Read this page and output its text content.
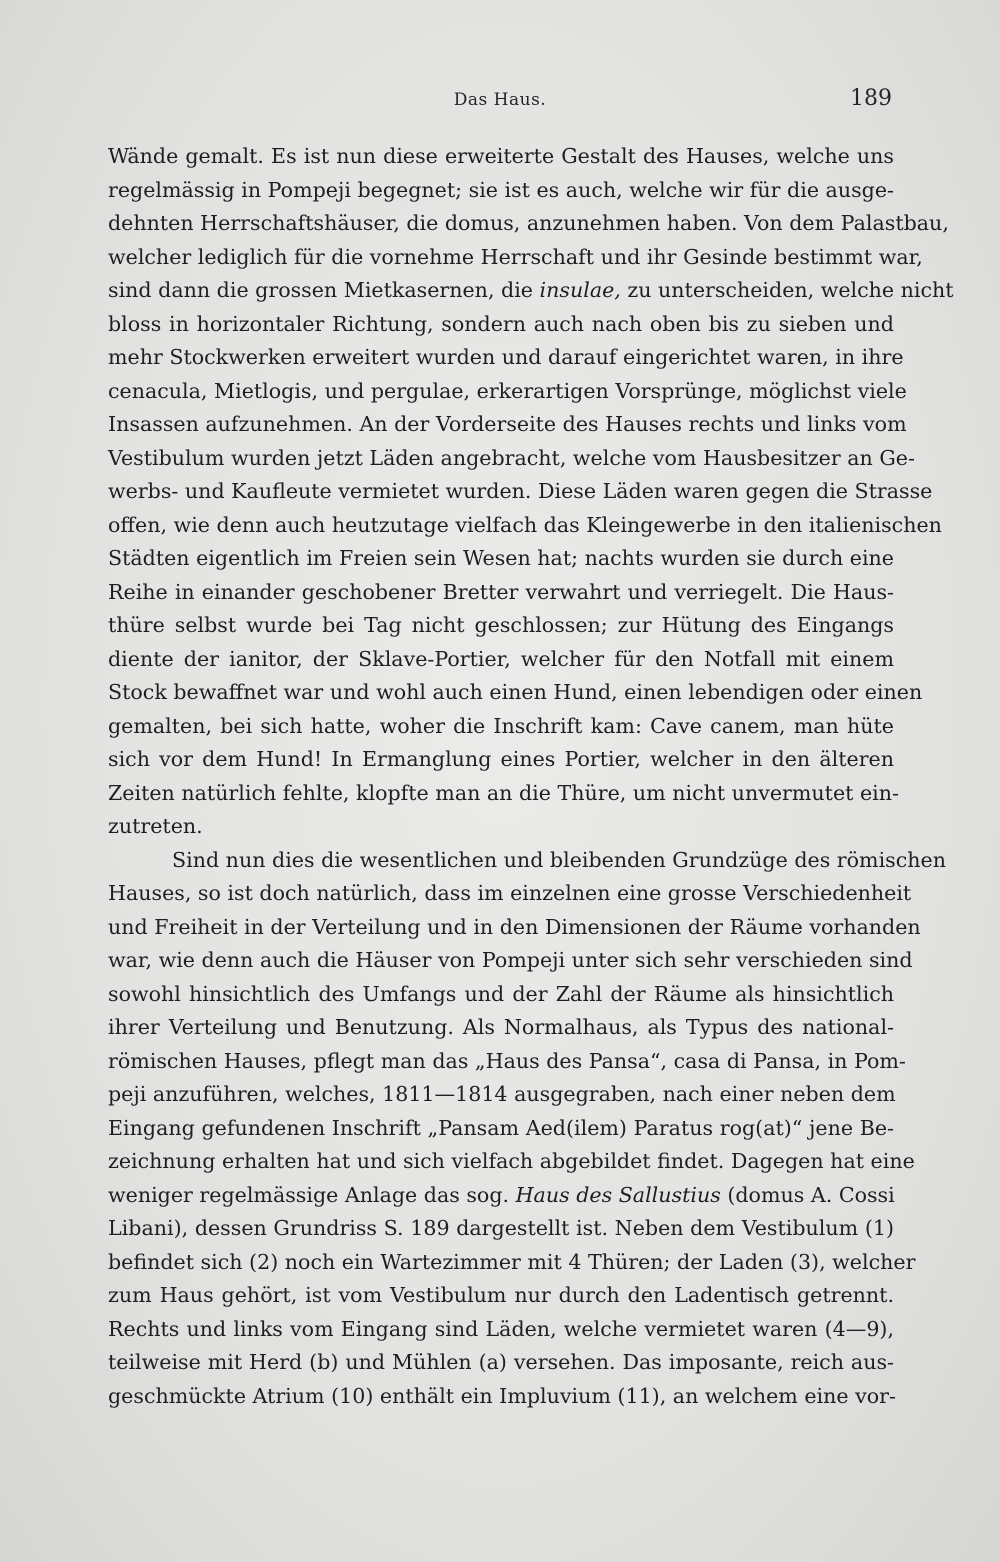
Das Haus.	189
Wände gemalt. Es ist nun diese erweiterte Gestalt des Hauses, welche uns
regelmässig in Pompeji begegnet; sie ist es auch, welche wir für die ausge-
dehnten Herrschaftshäuser, die domus, anzunehmen haben. Von dem Palastbau,
welcher lediglich für die vornehme Herrschaft und ihr Gesinde bestimmt war,
sind dann die grossen Mietkasernen, die insulae, zu unterscheiden, welche nicht
bloss in horizontaler Richtung, sondern auch nach oben bis zu sieben und
mehr Stockwerken erweitert wurden und darauf eingerichtet waren, in ihre
cenacula, Mietlogis, und pergulae, erkerartigen Vorsprünge, möglichst viele
Insassen aufzunehmen. An der Vorderseite des Hauses rechts und links vom
Vestibulum wurden jetzt Läden angebracht, welche vom Hausbesitzer an Ge-
werbs- und Kaufleute vermietet wurden. Diese Läden waren gegen die Strasse
offen, wie denn auch heutzutage vielfach das Kleingewerbe in den italienischen
Städten eigentlich im Freien sein Wesen hat; nachts wurden sie durch eine
Reihe in einander geschobener Bretter verwahrt und verriegelt. Die Haus-
thüre selbst wurde bei Tag nicht geschlossen; zur Hütung des Eingangs
diente der ianitor, der Sklave-Portier, welcher für den Notfall mit einem
Stock bewaffnet war und wohl auch einen Hund, einen lebendigen oder einen
gemalten, bei sich hatte, woher die Inschrift kam: Cave canem, man hüte
sich vor dem Hund! In Ermanglung eines Portier, welcher in den älteren
Zeiten natürlich fehlte, klopfte man an die Thüre, um nicht unvermutet ein-
zutreten.
Sind nun dies die wesentlichen und bleibenden Grundzüge des römischen
Hauses, so ist doch natürlich, dass im einzelnen eine grosse Verschiedenheit
und Freiheit in der Verteilung und in den Dimensionen der Räume vorhanden
war, wie denn auch die Häuser von Pompeji unter sich sehr verschieden sind
sowohl hinsichtlich des Umfangs und der Zahl der Räume als hinsichtlich
ihrer Verteilung und Benutzung. Als Normalhaus, als Typus des national-
römischen Hauses, pflegt man das „Haus des Pansa“, casa di Pansa, in Pom-
peji anzuführen, welches, 1811—1814 ausgegraben, nach einer neben dem
Eingang gefundenen Inschrift „Pansam Aed(ilem) Paratus rog(at)“ jene Be-
zeichnung erhalten hat und sich vielfach abgebildet findet. Dagegen hat eine
weniger regelmässige Anlage das sog. Haus des Sallustius (domus A. Cossi
Libani), dessen Grundriss S. 189 dargestellt ist. Neben dem Vestibulum (1)
befindet sich (2) noch ein Wartezimmer mit 4 Thüren; der Laden (3), welcher
zum Haus gehört, ist vom Vestibulum nur durch den Ladentisch getrennt.
Rechts und links vom Eingang sind Läden, welche vermietet waren (4—9),
teilweise mit Herd (b) und Mühlen (a) versehen. Das imposante, reich aus-
geschmückte Atrium (10) enthält ein Impluvium (11), an welchem eine vor-
